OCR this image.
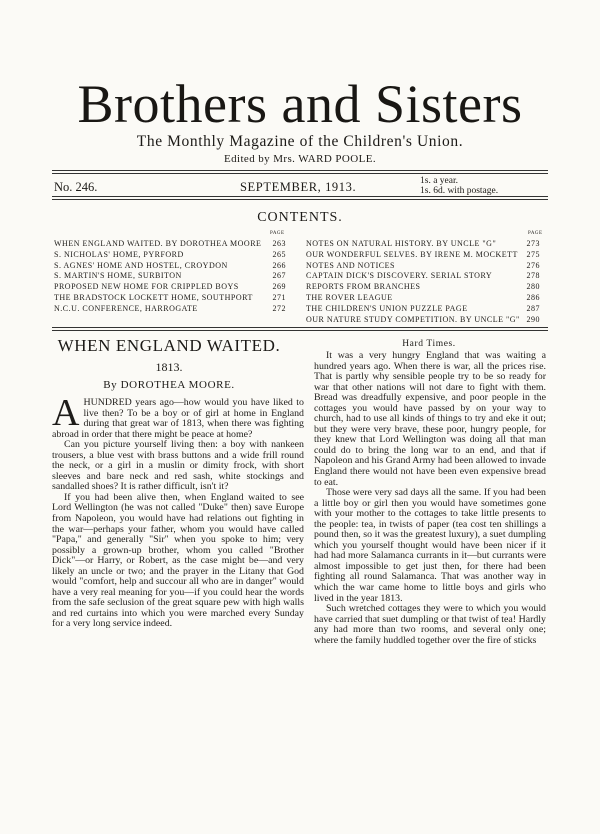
Brothers and Sisters
The Monthly Magazine of the Children's Union.
Edited by Mrs. WARD POOLE.
No. 246.	SEPTEMBER, 1913.	1s. a year.
1s. 6d. with postage.
CONTENTS.
PAGE	PAGE
WHEN ENGLAND WAITED. BY DOROTHEA MOORE 263
S. NICHOLAS' HOME, PYRFORD	265
S. AGNES' HOME AND HOSTEL, CROYDON	266
S. MARTIN'S HOME, SURBITON	267
PROPOSED NEW HOME FOR CRIPPLED BOYS	269
THE BRADSTOCK LOCKETT HOME, SOUTHPORT 271
N.C.U. CONFERENCE, HARROGATE	272
NOTES ON NATURAL HISTORY. BY UNCLE "G"	273
OUR WONDERFUL SELVES. BY IRENE M. MOCKETT 275
NOTES AND NOTICES	276
CAPTAIN DICK'S DISCOVERY. SERIAL STORY	278
REPORTS FROM BRANCHES	280
THE ROVER LEAGUE	286
THE CHILDREN'S UNION PUZZLE PAGE	287
OUR NATURE STUDY COMPETITION. BY UNCLE "G" 290
WHEN ENGLAND WAITED.
1813.
By DOROTHEA MOORE.
Hard Times.

AHUNDRED years ago—how would you have liked to live then? To be a boy or of girl at home in England during that great war of 1813, when there was fighting abroad in order that there might be peace at home?

Can you picture yourself living then: a boy with nankeen trousers, a blue vest with brass buttons and a wide frill round the neck, or a girl in a muslin or dimity frock, with short sleeves and bare neck and red sash, white stockings and sandalled shoes? It is rather difficult, isn't it?

If you had been alive then, when England waited to see Lord Wellington (he was not called "Duke" then) save Europe from Napoleon, you would have had relations out fighting in the war—perhaps your father, whom you would have called "Papa," and generally "Sir" when you spoke to him; very possibly a grown-up brother, whom you called "Brother Dick"—or Harry, or Robert, as the case might be—and very likely an uncle or two; and the prayer in the Litany that God would "comfort, help and succour all who are in danger" would have a very real meaning for you—if you could hear the words from the safe seclusion of the great square pew with high walls and red curtains into which you were marched every Sunday for a very long service indeed.

It was a very hungry England that was waiting a hundred years ago. When there is war, all the prices rise. That is partly why sensible people try to be so ready for war that other nations will not dare to fight with them. Bread was dreadfully expensive, and poor people in the cottages you would have passed by on your way to church, had to use all kinds of things to try and eke it out; but they were very brave, these poor, hungry people, for they knew that Lord Wellington was doing all that man could do to bring the long war to an end, and that if Napoleon and his Grand Army had been allowed to invade England there would not have been even expensive bread to eat.

Those were very sad days all the same. If you had been a little boy or girl then you would have sometimes gone with your mother to the cottages to take little presents to the people: tea, in twists of paper (tea cost ten shillings a pound then, so it was the greatest luxury), a suet dumpling which you yourself thought would have been nicer if it had had more Salamanca currants in it—but currants were almost impossible to get just then, for there had been fighting all round Salamanca. That was another way in which the war came home to little boys and girls who lived in the year 1813.

Such wretched cottages they were to which you would have carried that suet dumpling or that twist of tea! Hardly any had more than two rooms, and several only one; where the family huddled together over the fire of sticks
